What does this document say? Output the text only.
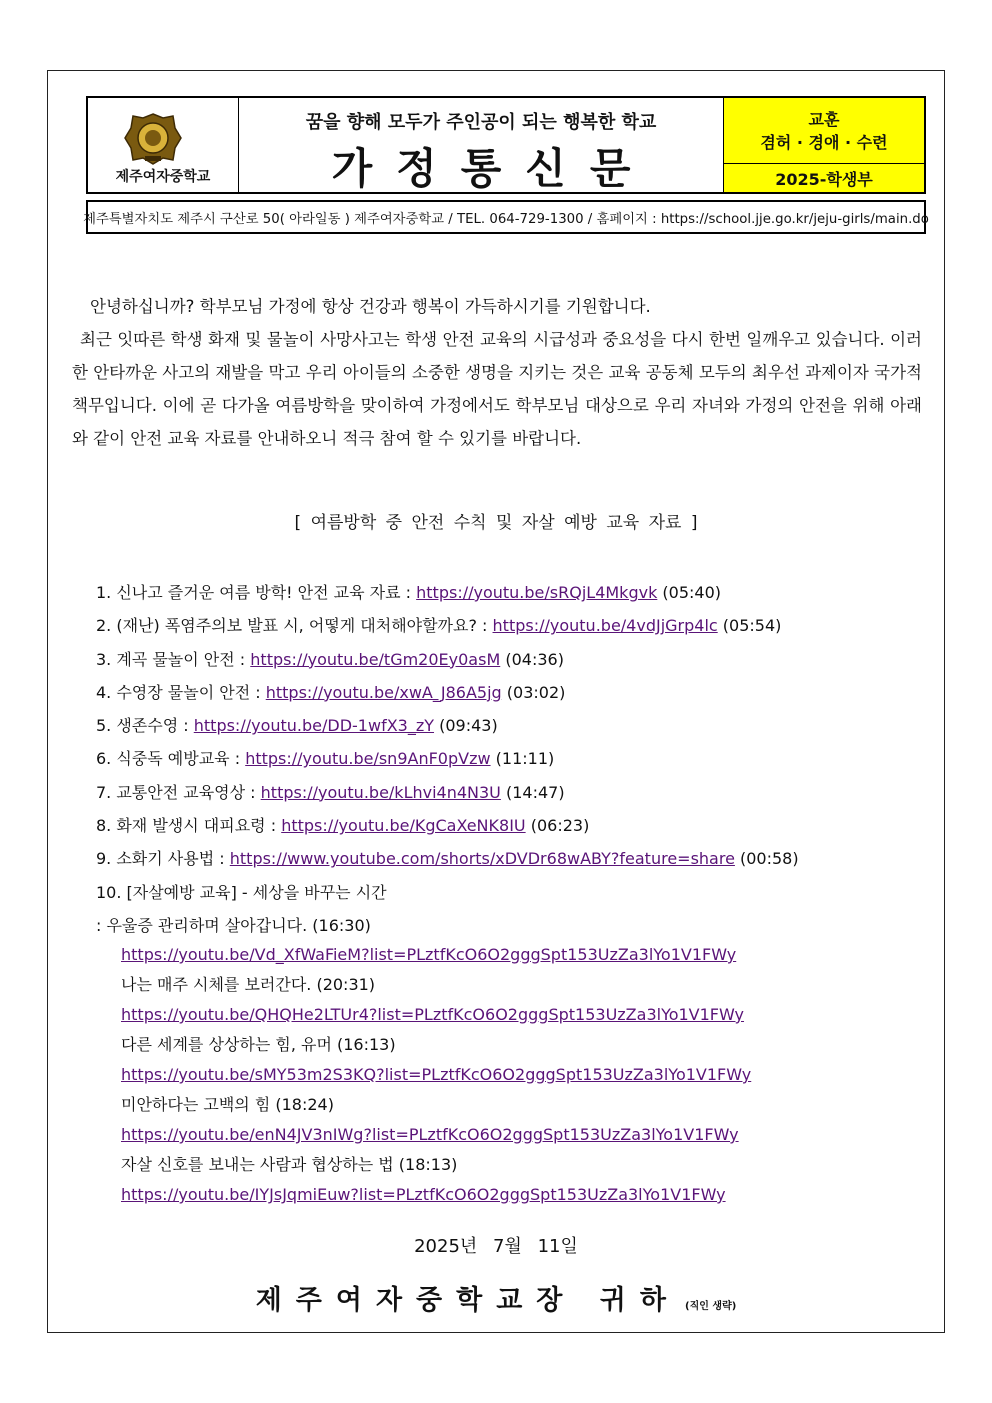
제주여자중학교
꿈을 향해 모두가 주인공이 되는 행복한 학교
가정통신문
교훈
겸허 · 경애 · 수련
2025-학생부
제주특별자치도 제주시 구산로 50( 아라일동 ) 제주여자중학교 / TEL. 064-729-1300 / 홈페이지 : https://school.jje.go.kr/jeju-girls/main.do

안녕하십니까? 학부모님 가정에 항상 건강과 행복이 가득하시기를 기원합니다.

최근 잇따른 학생 화재 및 물놀이 사망사고는 학생 안전 교육의 시급성과 중요성을 다시 한번 일깨우고 있습니다. 이러한 안타까운 사고의 재발을 막고 우리 아이들의 소중한 생명을 지키는 것은 교육 공동체 모두의 최우선 과제이자 국가적 책무입니다. 이에 곧 다가올 여름방학을 맞이하여 가정에서도 학부모님 대상으로 우리 자녀와 가정의 안전을 위해 아래와 같이 안전 교육 자료를 안내하오니 적극 참여 할 수 있기를 바랍니다.

[ 여름방학 중 안전 수칙 및 자살 예방 교육 자료 ]
1. 신나고 즐거운 여름 방학! 안전 교육 자료 : https://youtu.be/sRQjL4Mkgvk (05:40)
2. (재난) 폭염주의보 발표 시, 어떻게 대처해야할까요? : https://youtu.be/4vdJjGrp4lc (05:54)
3. 계곡 물놀이 안전 : https://youtu.be/tGm20Ey0asM (04:36)
4. 수영장 물놀이 안전 : https://youtu.be/xwA_J86A5jg (03:02)
5. 생존수영 : https://youtu.be/DD-1wfX3_zY (09:43)
6. 식중독 예방교육 : https://youtu.be/sn9AnF0pVzw (11:11)
7. 교통안전 교육영상 : https://youtu.be/kLhvi4n4N3U (14:47)
8. 화재 발생시 대피요령 : https://youtu.be/KgCaXeNK8IU (06:23)
9. 소화기 사용법 : https://www.youtube.com/shorts/xDVDr68wABY?feature=share (00:58)
10. [자살예방 교육] - 세상을 바꾸는 시간
: 우울증 관리하며 살아갑니다. (16:30)
https://youtu.be/Vd_XfWaFieM?list=PLztfKcO6O2gggSpt153UzZa3lYo1V1FWy
나는 매주 시체를 보러간다. (20:31)
https://youtu.be/QHQHe2LTUr4?list=PLztfKcO6O2gggSpt153UzZa3lYo1V1FWy
다른 세계를 상상하는 힘, 유머 (16:13)
https://youtu.be/sMY53m2S3KQ?list=PLztfKcO6O2gggSpt153UzZa3lYo1V1FWy
미안하다는 고백의 힘 (18:24)
https://youtu.be/enN4JV3nIWg?list=PLztfKcO6O2gggSpt153UzZa3lYo1V1FWy
자살 신호를 보내는 사람과 협상하는 법 (18:13)
https://youtu.be/IYJsJqmiEuw?list=PLztfKcO6O2gggSpt153UzZa3lYo1V1FWy
2025년 7월 11일
제주여자중학교장 귀하 (직인 생략)
